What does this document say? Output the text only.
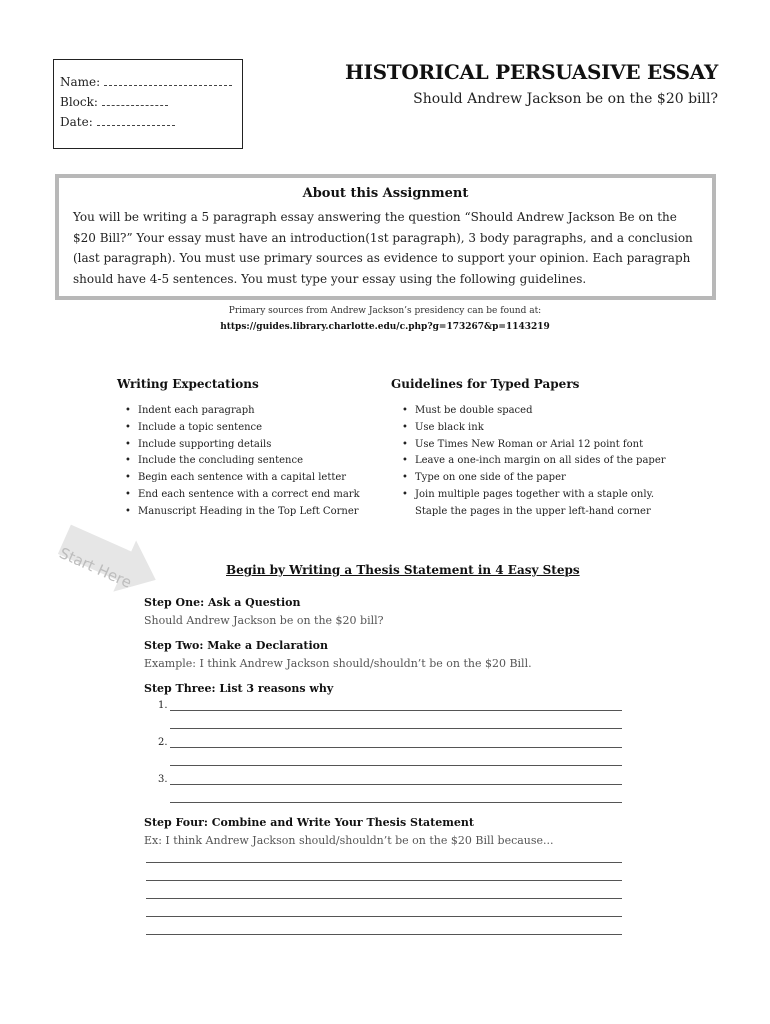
Name:
Block:
Date:
HISTORICAL PERSUASIVE ESSAY
Should Andrew Jackson be on the $20 bill?
About this Assignment
You will be writing a 5 paragraph essay answering the question “Should Andrew Jackson Be on the $20 Bill?” Your essay must have an introduction(1st paragraph), 3 body paragraphs, and a conclusion (last paragraph). You must use primary sources as evidence to support your opinion. Each paragraph should have 4-5 sentences. You must type your essay using the following guidelines.
Primary sources from Andrew Jackson’s presidency can be found at:
https://guides.library.charlotte.edu/c.php?g=173267&p=1143219
Writing Expectations
• Indent each paragraph
• Include a topic sentence
• Include supporting details
• Include the concluding sentence
• Begin each sentence with a capital letter
• End each sentence with a correct end mark
• Manuscript Heading in the Top Left Corner
Guidelines for Typed Papers
• Must be double spaced
• Use black ink
• Use Times New Roman or Arial 12 point font
• Leave a one-inch margin on all sides of the paper
• Type on one side of the paper
• Join multiple pages together with a staple only.
Staple the pages in the upper left-hand corner
Start Here	Begin by Writing a Thesis Statement in 4 Easy Steps
Step One: Ask a Question
Should Andrew Jackson be on the $20 bill?
Step Two: Make a Declaration
Example: I think Andrew Jackson should/shouldn’t be on the $20 Bill.
Step Three: List 3 reasons why
1.
2.
3.
Step Four: Combine and Write Your Thesis Statement
Ex: I think Andrew Jackson should/shouldn’t be on the $20 Bill because...
